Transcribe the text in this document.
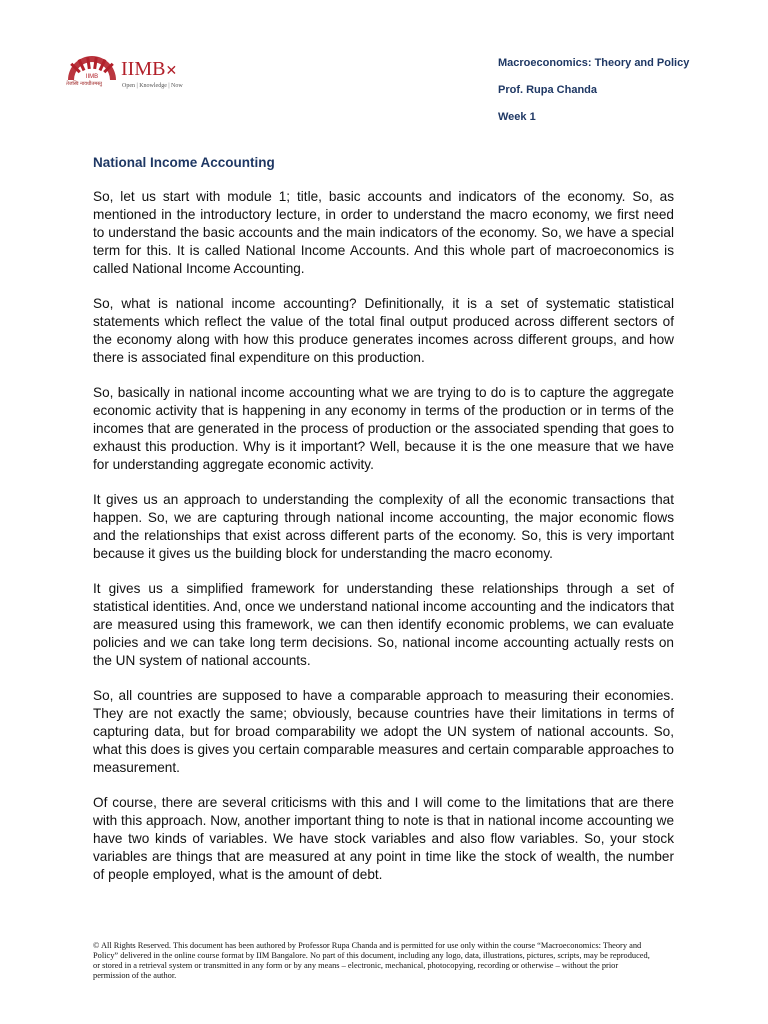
IIMB
तेजस्वि नावधीतमस्तु
IIMB✕
Open | Knowledge | Now
Macroeconomics: Theory and Policy
Prof. Rupa Chanda
Week 1
National Income Accounting

So, let us start with module 1; title, basic accounts and indicators of the economy. So, as mentioned in the introductory lecture, in order to understand the macro economy, we first need to understand the basic accounts and the main indicators of the economy. So, we have a special term for this. It is called National Income Accounts. And this whole part of macroeconomics is called National Income Accounting.

So, what is national income accounting? Definitionally, it is a set of systematic statistical statements which reflect the value of the total final output produced across different sectors of the economy along with how this produce generates incomes across different groups, and how there is associated final expenditure on this production.

So, basically in national income accounting what we are trying to do is to capture the aggregate economic activity that is happening in any economy in terms of the production or in terms of the incomes that are generated in the process of production or the associated spending that goes to exhaust this production. Why is it important? Well, because it is the one measure that we have for understanding aggregate economic activity.

It gives us an approach to understanding the complexity of all the economic transactions that happen. So, we are capturing through national income accounting, the major economic flows and the relationships that exist across different parts of the economy. So, this is very important because it gives us the building block for understanding the macro economy.

It gives us a simplified framework for understanding these relationships through a set of statistical identities. And, once we understand national income accounting and the indicators that are measured using this framework, we can then identify economic problems, we can evaluate policies and we can take long term decisions. So, national income accounting actually rests on the UN system of national accounts.

So, all countries are supposed to have a comparable approach to measuring their economies. They are not exactly the same; obviously, because countries have their limitations in terms of capturing data, but for broad comparability we adopt the UN system of national accounts. So, what this does is gives you certain comparable measures and certain comparable approaches to measurement.

Of course, there are several criticisms with this and I will come to the limitations that are there with this approach. Now, another important thing to note is that in national income accounting we have two kinds of variables. We have stock variables and also flow variables. So, your stock variables are things that are measured at any point in time like the stock of wealth, the number of people employed, what is the amount of debt.

© All Rights Reserved. This document has been authored by Professor Rupa Chanda and is permitted for use only within the course “Macroeconomics: Theory and Policy” delivered in the online course format by IIM Bangalore. No part of this document, including any logo, data, illustrations, pictures, scripts, may be reproduced, or stored in a retrieval system or transmitted in any form or by any means – electronic, mechanical, photocopying, recording or otherwise – without the prior permission of the author.
